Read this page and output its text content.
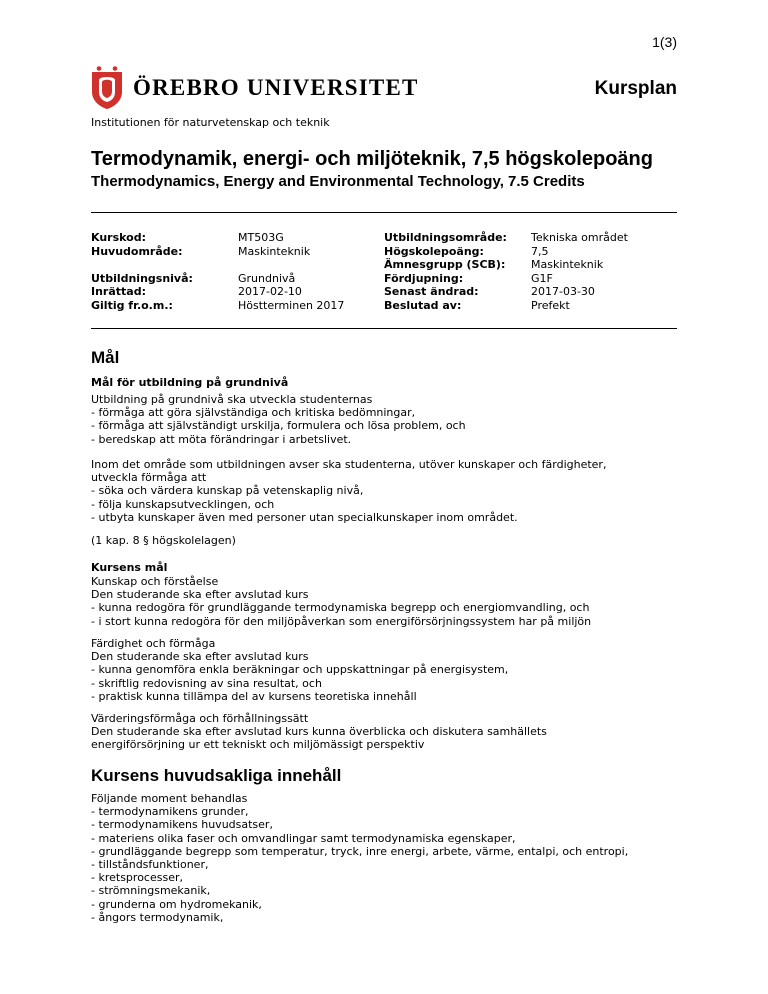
1(3)
ÖREBRO UNIVERSITET	Kursplan
Institutionen för naturvetenskap och teknik
Termodynamik, energi- och miljöteknik, 7,5 högskolepoäng
Thermodynamics, Energy and Environmental Technology, 7.5 Credits
Kurskod:
Huvudområde:
Utbildningsnivå:
Inrättad:
Giltig fr.o.m.:
MT503G
Maskinteknik
Grundnivå
2017-02-10
Höstterminen 2017
Utbildningsområde:
Högskolepoäng:
Ämnesgrupp (SCB):
Fördjupning:
Senast ändrad:
Beslutad av:
Tekniska området
7,5
Maskinteknik
G1F
2017-03-30
Prefekt
Mål
Mål för utbildning på grundnivå
Utbildning på grundnivå ska utveckla studenternas
- förmåga att göra självständiga och kritiska bedömningar,
- förmåga att självständigt urskilja, formulera och lösa problem, och
- beredskap att möta förändringar i arbetslivet.
Inom det område som utbildningen avser ska studenterna, utöver kunskaper och färdigheter,
utveckla förmåga att
- söka och värdera kunskap på vetenskaplig nivå,
- följa kunskapsutvecklingen, och
- utbyta kunskaper även med personer utan specialkunskaper inom området.
(1 kap. 8 § högskolelagen)
Kursens mål
Kunskap och förståelse
Den studerande ska efter avslutad kurs
- kunna redogöra för grundläggande termodynamiska begrepp och energiomvandling, och
- i stort kunna redogöra för den miljöpåverkan som energiförsörjningssystem har på miljön
Färdighet och förmåga
Den studerande ska efter avslutad kurs
- kunna genomföra enkla beräkningar och uppskattningar på energisystem,
- skriftlig redovisning av sina resultat, och
- praktisk kunna tillämpa del av kursens teoretiska innehåll
Värderingsförmåga och förhållningssätt
Den studerande ska efter avslutad kurs kunna överblicka och diskutera samhällets
energiförsörjning ur ett tekniskt och miljömässigt perspektiv
Kursens huvudsakliga innehåll
Följande moment behandlas
- termodynamikens grunder,
- termodynamikens huvudsatser,
- materiens olika faser och omvandlingar samt termodynamiska egenskaper,
- grundläggande begrepp som temperatur, tryck, inre energi, arbete, värme, entalpi, och entropi,
- tillståndsfunktioner,
- kretsprocesser,
- strömningsmekanik,
- grunderna om hydromekanik,
- ångors termodynamik,
